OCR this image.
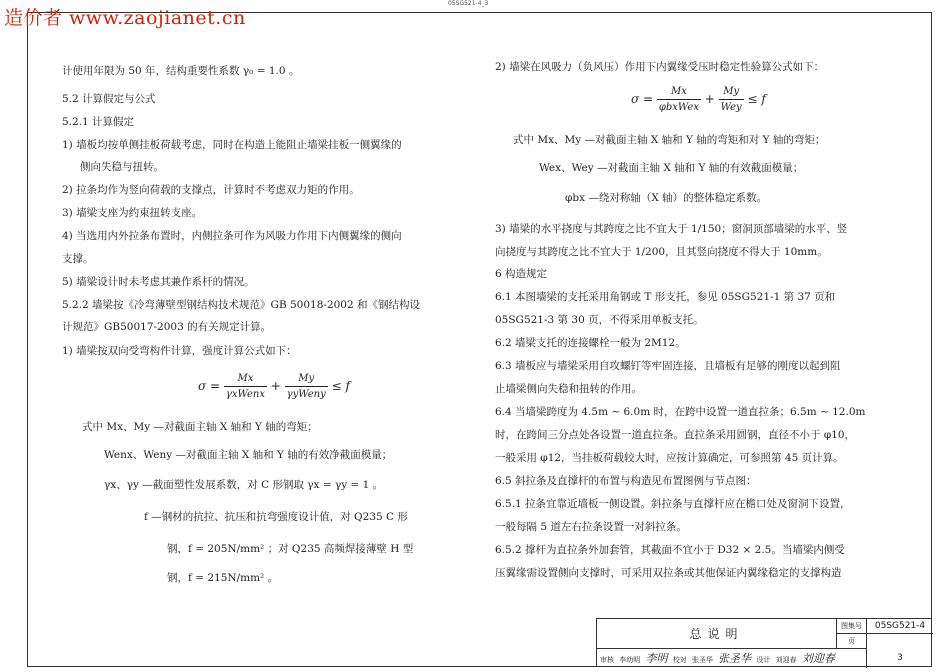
05SG521-4_3
造价者 www.zaojianet.cn

计使用年限为 50 年，结构重要性系数 γ₀ = 1.0 。

5.2 计算假定与公式

5.2.1 计算假定

1) 墙板均按单侧挂板荷载考虑，同时在构造上能阻止墙梁挂板一侧翼缘的

侧向失稳与扭转。

2) 拉条均作为竖向荷载的支撑点，计算时不考虑双力矩的作用。

3) 墙梁支座为约束扭转支座。

4) 当选用内外拉条布置时，内侧拉条可作为风吸力作用下内侧翼缘的侧向

支撑。

5) 墙梁设计时未考虑其兼作系杆的情况。

5.2.2 墙梁按《冷弯薄壁型钢结构技术规范》GB 50018-2002 和《钢结构设

计规范》GB50017-2003 的有关规定计算。

1) 墙梁按双向受弯构件计算，强度计算公式如下：

$\sigma = \frac{Mx}{\text{γxWenx}} + \frac{My}{\text{γyWeny}} \le f$

式中 Mx、My —对截面主轴 X 轴和 Y 轴的弯矩；

Wenx、Weny —对截面主轴 X 轴和 Y 轴的有效净截面模量；

γx、γy —截面塑性发展系数，对 C 形钢取 γx = γy = 1 。

f —钢材的抗拉、抗压和抗弯强度设计值，对 Q235 C 形

钢，f = 205N/mm² ；对 Q235 高频焊接薄壁 H 型

钢，f = 215N/mm² 。

2) 墙梁在风吸力（负风压）作用下内翼缘受压时稳定性验算公式如下：

$\sigma = \frac{Mx}{\text{φbxWex}} + \frac{My}{\text{Wey}} \le f$

式中 Mx、My —对截面主轴 X 轴和 Y 轴的弯矩和对 Y 轴的弯矩；

Wex、Wey —对截面主轴 X 轴和 Y 轴的有效截面模量；

φbx —绕对称轴（X 轴）的整体稳定系数。

3) 墙梁的水平挠度与其跨度之比不宜大于 1/150；窗洞顶部墙梁的水平、竖

向挠度与其跨度之比不宜大于 1/200，且其竖向挠度不得大于 10mm。

6 构造规定

6.1 本图墙梁的支托采用角钢或 T 形支托，参见 05SG521-1 第 37 页和

05SG521-3 第 30 页，不得采用单板支托。

6.2 墙梁支托的连接螺栓一般为 2M12。

6.3 墙板应与墙梁采用自攻螺钉等牢固连接，且墙板有足够的刚度以起到阻

止墙梁侧向失稳和扭转的作用。

6.4 当墙梁跨度为 4.5m ~ 6.0m 时，在跨中设置一道直拉条；6.5m ~ 12.0m

时，在跨间三分点处各设置一道直拉条。直拉条采用圆钢，直径不小于 φ10，

一般采用 φ12，当挂板荷载较大时，应按计算确定，可参照第 45 页计算。

6.5 斜拉条及直撑杆的布置与构造见布置图例与节点图：

6.5.1 拉条宜靠近墙板一侧设置。斜拉条与直撑杆应在檐口处及窗洞下设置，

一般每隔 5 道左右拉条设置一对斜拉条。

6.5.2 撑杆为直拉条外加套管，其截面不宜小于 D32 × 2.5。当墙梁内侧受

压翼缘需设置侧向支撑时，可采用双拉条或其他保证内翼缘稳定的支撑构造

总说明
图集号	05SG521-4
页
3
审核 李幼明 李明 校对 张圣华 张圣华 设计 刘迎春 刘迎春
